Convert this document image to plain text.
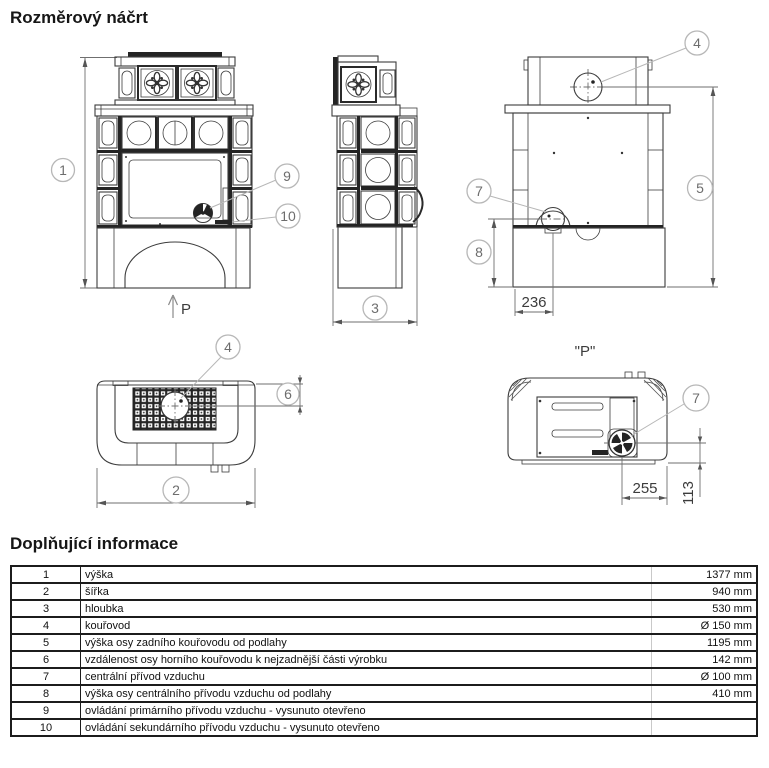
Rozměrový náčrt
1
P
9
10
3
8
7
4
5
236
4
6
2
"P"
7
255 113
Doplňující informace
1	výška	1377 mm
2	šířka	940 mm
3	hloubka	530 mm
4	kouřovod	Ø 150 mm
5	výška osy zadního kouřovodu od podlahy	1195 mm
6	vzdálenost osy horního kouřovodu k nejzadnější části výrobku	142 mm
7	centrální přívod vzduchu	Ø 100 mm
8	výška osy centrálního přívodu vzduchu od podlahy	410 mm
9	ovládání primárního přívodu vzduchu - vysunuto otevřeno	
10	ovládání sekundárního přívodu vzduchu - vysunuto otevřeno	
